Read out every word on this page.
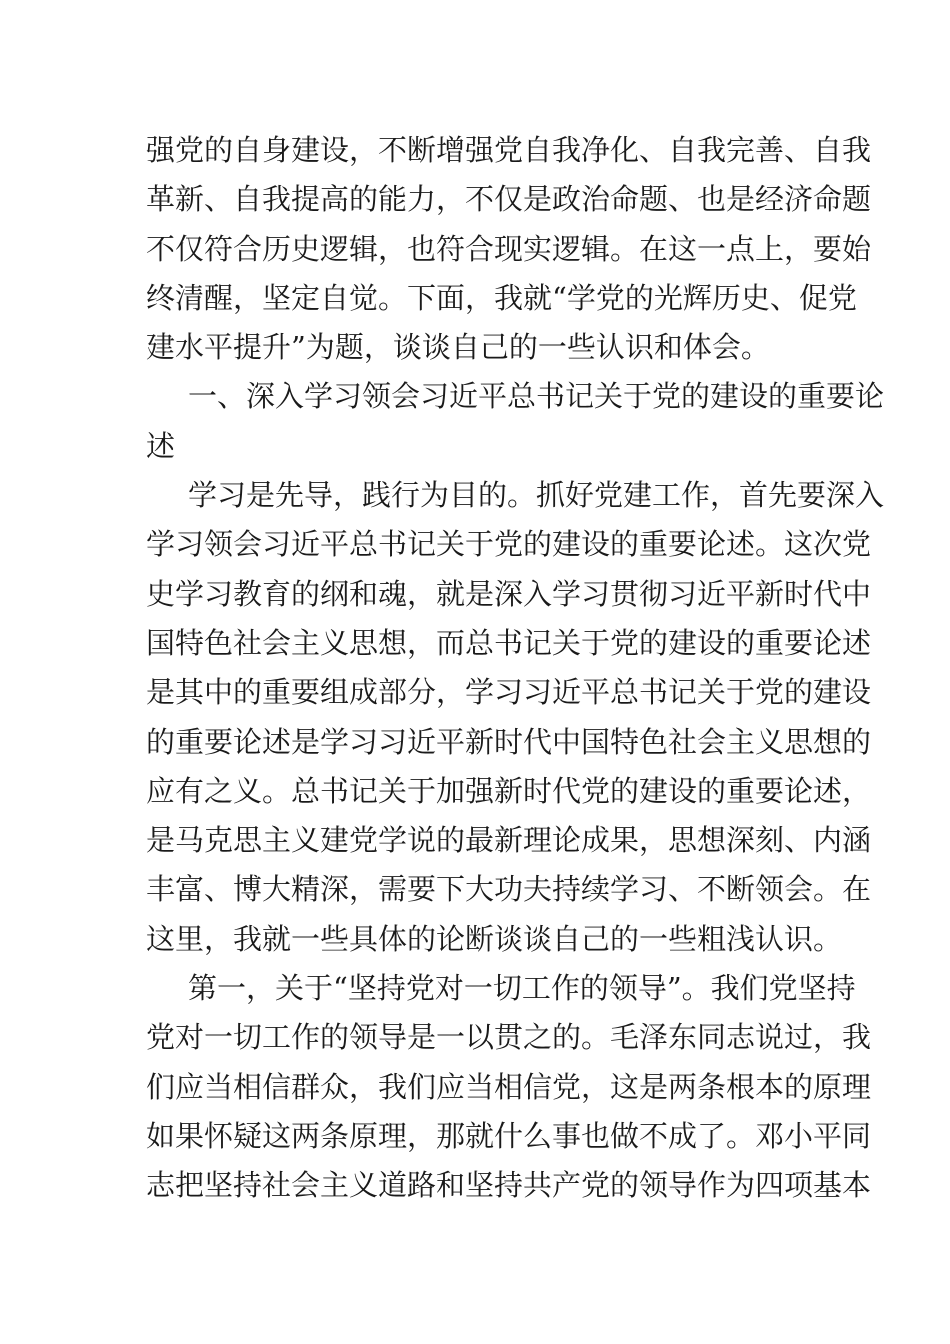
强党的自身建设，不断增强党自我净化、自我完善、自我
革新、自我提高的能力，不仅是政治命题、也是经济命题
不仅符合历史逻辑，也符合现实逻辑。在这一点上，要始
终清醒，坚定自觉。下面，我就“学党的光辉历史、促党
建水平提升”为题，谈谈自己的一些认识和体会。
一、深入学习领会习近平总书记关于党的建设的重要论
述
学习是先导，践行为目的。抓好党建工作，首先要深入
学习领会习近平总书记关于党的建设的重要论述。这次党
史学习教育的纲和魂，就是深入学习贯彻习近平新时代中
国特色社会主义思想，而总书记关于党的建设的重要论述
是其中的重要组成部分，学习习近平总书记关于党的建设
的重要论述是学习习近平新时代中国特色社会主义思想的
应有之义。总书记关于加强新时代党的建设的重要论述，
是马克思主义建党学说的最新理论成果，思想深刻、内涵
丰富、博大精深，需要下大功夫持续学习、不断领会。在
这里，我就一些具体的论断谈谈自己的一些粗浅认识。
第一，关于“坚持党对一切工作的领导”。我们党坚持
党对一切工作的领导是一以贯之的。毛泽东同志说过，我
们应当相信群众，我们应当相信党，这是两条根本的原理
如果怀疑这两条原理，那就什么事也做不成了。邓小平同
志把坚持社会主义道路和坚持共产党的领导作为四项基本
